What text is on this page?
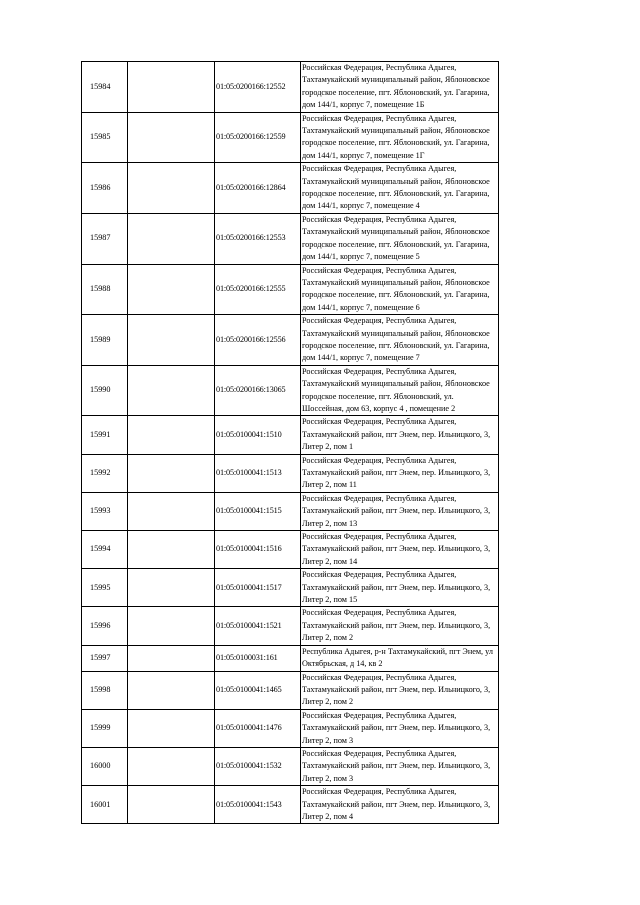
15984		01:05:0200166:12552	Российская Федерация, Республика Адыгея, Тахтамукайский муниципальный район, Яблоновское городское поселение, пгт. Яблоновский, ул. Гагарина, дом 144/1, корпус 7, помещение 1Б
15985		01:05:0200166:12559	Российская Федерация, Республика Адыгея, Тахтамукайский муниципальный район, Яблоновское городское поселение, пгт. Яблоновский, ул. Гагарина, дом 144/1, корпус 7, помещение 1Г
15986		01:05:0200166:12864	Российская Федерация, Республика Адыгея, Тахтамукайский муниципальный район, Яблоновское городское поселение, пгт. Яблоновский, ул. Гагарина, дом 144/1, корпус 7, помещение 4
15987		01:05:0200166:12553	Российская Федерация, Республика Адыгея, Тахтамукайский муниципальный район, Яблоновское городское поселение, пгт. Яблоновский, ул. Гагарина, дом 144/1, корпус 7, помещение 5
15988		01:05:0200166:12555	Российская Федерация, Республика Адыгея, Тахтамукайский муниципальный район, Яблоновское городское поселение, пгт. Яблоновский, ул. Гагарина, дом 144/1, корпус 7, помещение 6
15989		01:05:0200166:12556	Российская Федерация, Республика Адыгея, Тахтамукайский муниципальный район, Яблоновское городское поселение, пгт. Яблоновский, ул. Гагарина, дом 144/1, корпус 7, помещение 7
15990		01:05:0200166:13065	Российская Федерация, Республика Адыгея, Тахтамукайский муниципальный район, Яблоновское городское поселение, пгт. Яблоновский, ул. Шоссейная, дом 63, корпус 4 , помещение 2
15991		01:05:0100041:1510	Российская Федерация, Республика Адыгея, Тахтамукайский район, пгт Энем, пер. Ильницкого, 3, Литер 2, пом 1
15992		01:05:0100041:1513	Российская Федерация, Республика Адыгея, Тахтамукайский район, пгт Энем, пер. Ильницкого, 3, Литер 2, пом 11
15993		01:05:0100041:1515	Российская Федерация, Республика Адыгея, Тахтамукайский район, пгт Энем, пер. Ильницкого, 3, Литер 2, пом 13
15994		01:05:0100041:1516	Российская Федерация, Республика Адыгея, Тахтамукайский район, пгт Энем, пер. Ильницкого, 3, Литер 2, пом 14
15995		01:05:0100041:1517	Российская Федерация, Республика Адыгея, Тахтамукайский район, пгт Энем, пер. Ильницкого, 3, Литер 2, пом 15
15996		01:05:0100041:1521	Российская Федерация, Республика Адыгея, Тахтамукайский район, пгт Энем, пер. Ильницкого, 3, Литер 2, пом 2
15997		01:05:0100031:161	Республика Адыгея, р-н Тахтамукайский, пгт Энем, ул Октябрьская, д 14, кв 2
15998		01:05:0100041:1465	Российская Федерация, Республика Адыгея, Тахтамукайский район, пгт Энем, пер. Ильницкого, 3, Литер 2, пом 2
15999		01:05:0100041:1476	Российская Федерация, Республика Адыгея, Тахтамукайский район, пгт Энем, пер. Ильницкого, 3, Литер 2, пом 3
16000		01:05:0100041:1532	Российская Федерация, Республика Адыгея, Тахтамукайский район, пгт Энем, пер. Ильницкого, 3, Литер 2, пом 3
16001		01:05:0100041:1543	Российская Федерация, Республика Адыгея, Тахтамукайский район, пгт Энем, пер. Ильницкого, 3, Литер 2, пом 4
